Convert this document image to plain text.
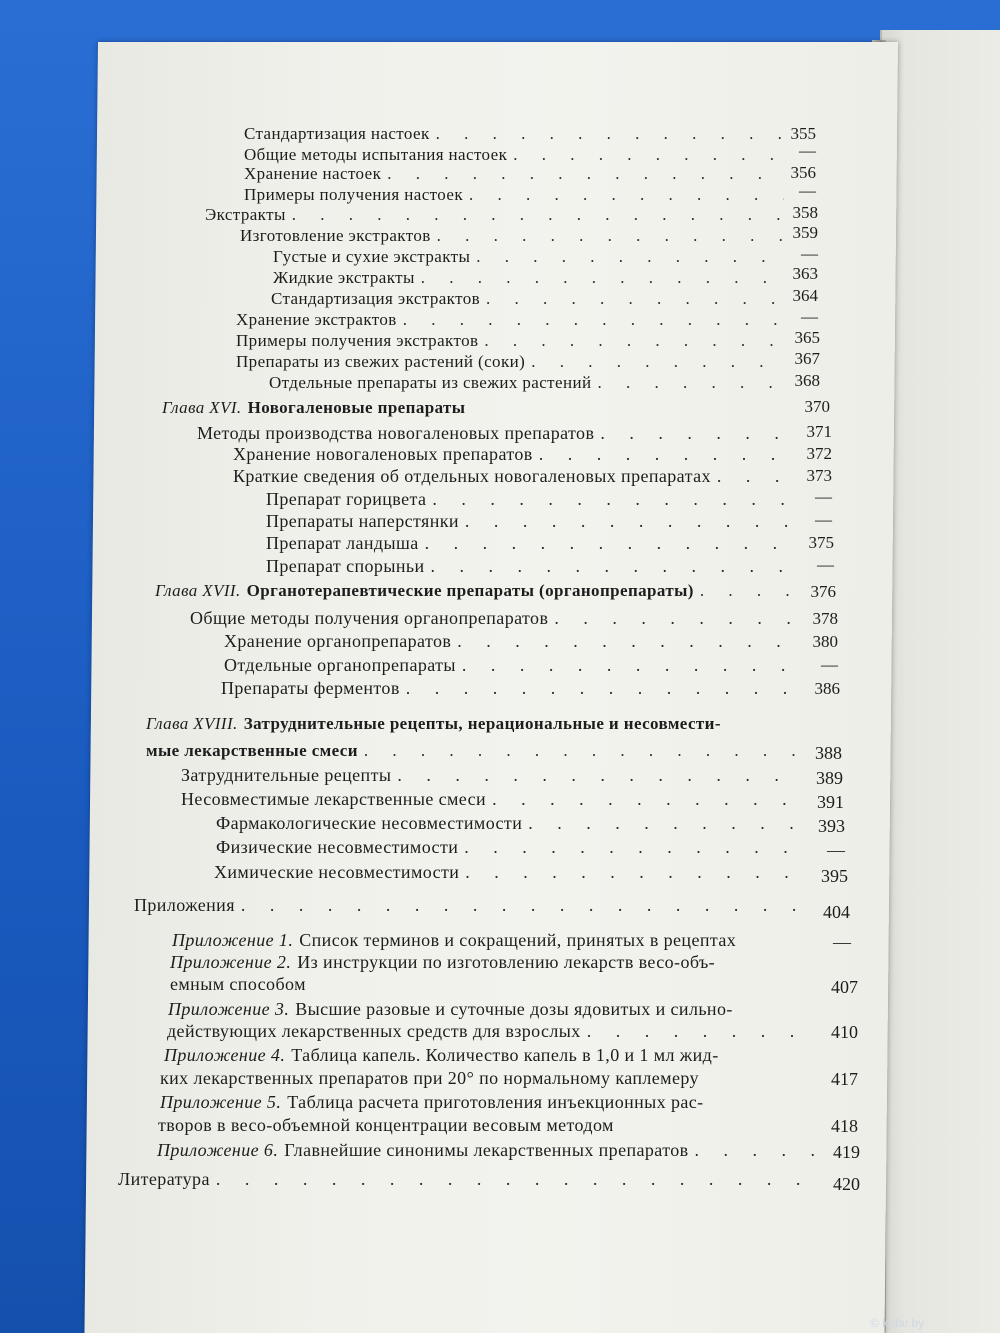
Стандартизация настоек . . .	355
Общие методы испытания настоек . . .	—
Хранение настоек . . .	356
Примеры получения настоек . . .	—
Экстракты . . .	358
Изготовление экстрактов . . .	359
Густые и сухие экстракты . . .	—
Жидкие экстракты . . .	363
Стандартизация экстрактов . . .	364
Хранение экстрактов . . .	—
Примеры получения экстрактов . . .	365
Препараты из свежих растений (соки) . . .	367
Отдельные препараты из свежих растений . . .	368
Глава XVI. Новогаленовые препараты	370
Методы производства новогаленовых препаратов . . .	371
Хранение новогаленовых препаратов . . .	372
Краткие сведения об отдельных новогаленовых препаратах . . .	373
Препарат горицвета . . .	—
Препараты наперстянки . . .	—
Препарат ландыша . . .	375
Препарат спорыньи . . .	—
Глава XVII. Органотерапевтические препараты (органопрепараты) . . .	376
Общие методы получения органопрепаратов . . .	378
Хранение органопрепаратов . . .	380
Отдельные органопрепараты . . .	—
Препараты ферментов . . .	386
Глава XVIII. Затруднительные рецепты, нерациональные и несовмести-
мые лекарственные смеси . . .	388
Затруднительные рецепты . . .	389
Несовместимые лекарственные смеси . . .	391
Фармакологические несовместимости . . .	393
Физические несовместимости . . .	—
Химические несовместимости . . .	395
Приложения . . .	404
Приложение 1. Список терминов и сокращений, принятых в рецептах	—
Приложение 2. Из инструкции по изготовлению лекарств весо-объ-
емным способом	407
Приложение 3. Высшие разовые и суточные дозы ядовитых и сильно-
действующих лекарственных средств для взрослых . . .	410
Приложение 4. Таблица капель. Количество капель в 1,0 и 1 мл жид-
ких лекарственных препаратов при 20° по нормальному каплемеру	417
Приложение 5. Таблица расчета приготовления инъекционных рас-
творов в весо-объемной концентрации весовым методом	418
Приложение 6. Главнейшие синонимы лекарственных препаратов . . .	419
Литература . . .	420
© kufar.by
